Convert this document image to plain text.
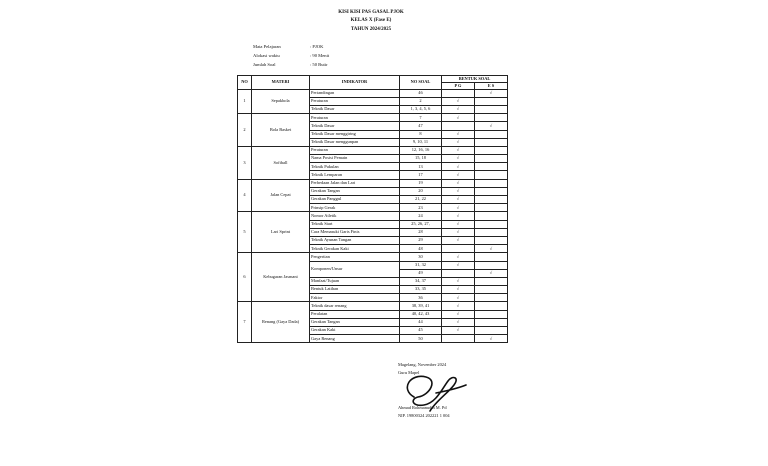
KISI KISI PAS GASAL PJOK
KELAS X (Fase E)
TAHUN 2024/2025
Mata Pelajaran	: PJOK
Alokasi waktu	: 90 Menit
Jumlah Soal	: 50 Butir
NO	MATERI	INDIKATOR	NO SOAL	BENTUK SOAL	
				P G	E S
1	Sepakbola	Pertandingan	46		√
		Peraturan	2	√	
		Teknik Dasar	1, 3, 4, 5, 6	√	
2	Bola Basket	Peraturan	7	√	
		Teknik Dasar	47		√
		Teknik Dasar menggiring	8	√	
		Teknik Dasar menggunpan	9, 10, 11	√	
3	Softball	Peraturan	12, 16, 16	√	
		Nama Posisi Pemain	15, 18	√	
		Teknik Pukulan	13	√	
		Teknik Lemparan	17	√	
4	Jalan Cepat	Perbedaan Jalan dan Lari	19	√	
		Gerakan Tangan	20	√	
		Gerakan Panggul	21, 22	√	
		Prinsip Gerak	23	√	
5	Lari Sprint	Nomor Atletik	24	√	
		Teknik Start	25, 26, 27,	√	
		Cara Memasuki Garis Finis	28	√	
		Teknik Ayunan Tangan	29	√	
		Teknik Gerakan Kaki	48		√
6	Kebugaran Jasmani	Pengertian	30	√	
		Komponen/Unsur	31, 32	√	
			49		√
		Manfaat/Tujuan	34, 37	√	
		Bentuk Latihan	33, 35	√	
		Faktor	36	√	
7	Renang (Gaya Dada)	Teknik dasar renang	38, 39, 41	√	
		Peralatan	40, 42, 43	√	
		Gerakan Tangan	44	√	
		Gerakan Kaki	45	√	
		Gaya Renang	50		√
Magelang, November 2024
Guru Mapel
Ahmad Rohmanudin M. Pd
NIP. 19800324 202221 1 004
